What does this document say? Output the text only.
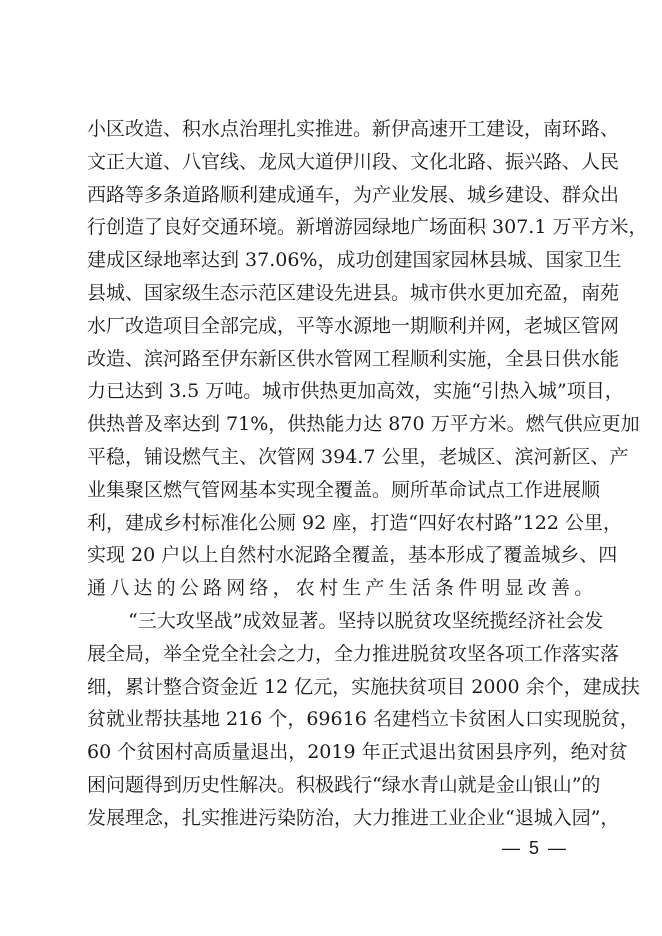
小区改造、积水点治理扎实推进。新伊高速开工建设，南环路、
文正大道、八官线、龙凤大道伊川段、文化北路、振兴路、人民
西路等多条道路顺利建成通车，为产业发展、城乡建设、群众出
行创造了良好交通环境。新增游园绿地广场面积 307.1 万平方米，
建成区绿地率达到 37.06%，成功创建国家园林县城、国家卫生
县城、国家级生态示范区建设先进县。城市供水更加充盈，南苑
水厂改造项目全部完成，平等水源地一期顺利并网，老城区管网
改造、滨河路至伊东新区供水管网工程顺利实施，全县日供水能
力已达到 3.5 万吨。城市供热更加高效，实施“引热入城”项目，
供热普及率达到 71%，供热能力达 870 万平方米。燃气供应更加
平稳，铺设燃气主、次管网 394.7 公里，老城区、滨河新区、产
业集聚区燃气管网基本实现全覆盖。厕所革命试点工作进展顺
利，建成乡村标准化公厕 92 座，打造“四好农村路”122 公里，
实现 20 户以上自然村水泥路全覆盖，基本形成了覆盖城乡、四
通八达的公路网络，农村生产生活条件明显改善。
“三大攻坚战”成效显著。坚持以脱贫攻坚统揽经济社会发
展全局，举全党全社会之力，全力推进脱贫攻坚各项工作落实落
细，累计整合资金近 12 亿元，实施扶贫项目 2000 余个，建成扶
贫就业帮扶基地 216 个，69616 名建档立卡贫困人口实现脱贫，
60 个贫困村高质量退出，2019 年正式退出贫困县序列，绝对贫
困问题得到历史性解决。积极践行“绿水青山就是金山银山”的
发展理念，扎实推进污染防治，大力推进工业企业“退城入园”，
— 5 —
